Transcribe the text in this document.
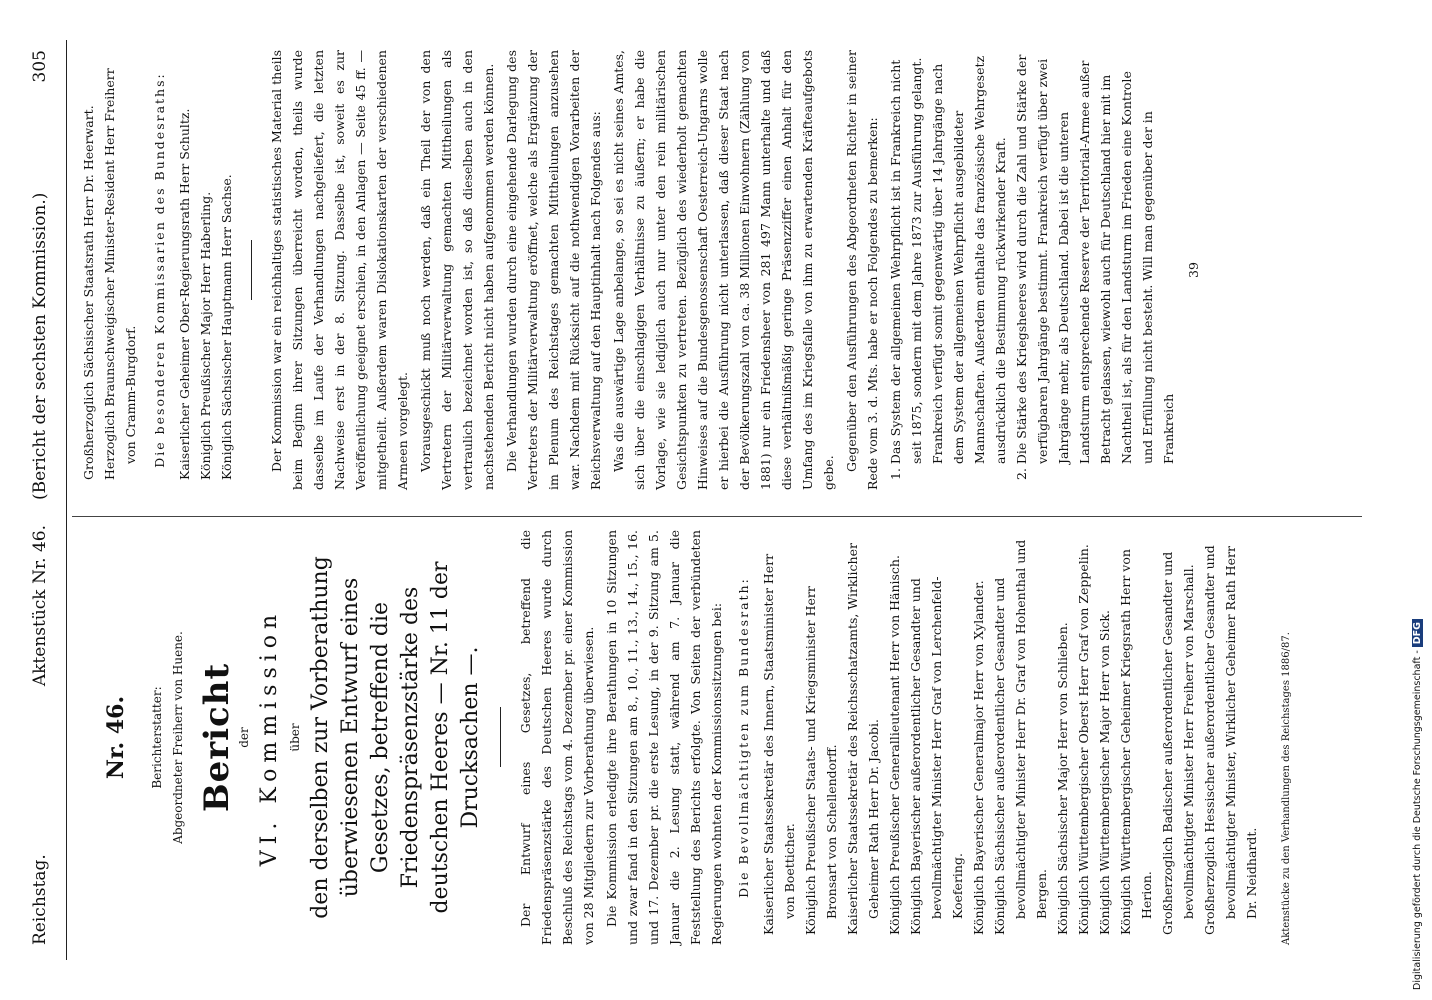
Reichstag.
Aktenstück Nr. 46.
(Bericht der sechsten Kommission.)
305
Nr. 46. Berichterstatter: Abgeordneter Freiherr von Huene. Bericht der VI. Kommission über den derselben zur Vorberathung überwiesenen Entwurf eines Gesetzes, betreffend die Friedenspräsenzstärke des deutschen Heeres — Nr. 11 der Drucksachen —.	Der Entwurf eines Gesetzes, betreffend die Friedenspräsenzstärke des Deutschen Heeres wurde durch Beschluß des Reichstags vom 4. Dezember pr. einer Kommission von 28 Mitgliedern zur Vorberathung überwiesen. Die Kommission erledigte ihre Berathungen in 10 Sitzungen und zwar fand in den Sitzungen am 8., 10., 11., 13., 14., 15., 16. und 17. Dezember pr. die erste Lesung, in der 9. Sitzung am 5. Januar die 2. Lesung statt, während am 7. Januar die Feststellung des Berichts erfolgte. Von Seiten der verbündeten Regierungen wohnten der Kommissionssitzungen bei: Die Bevollmächtigten zum Bundesrath: Kaiserlicher Staatssekretär des Innern, Staatsminister Herr von Boetticher. Königlich Preußischer Staats- und Kriegsminister Herr Bronsart von Schellendorff. Kaiserlicher Staatssekretär des Reichsschatzamts, Wirklicher Geheimer Rath Herr Dr. Jacobi. Königlich Preußischer Generallieutenant Herr von Hänisch. Königlich Bayerischer außerordentlicher Gesandter und bevollmächtigter Minister Herr Graf von Lerchenfeld-Koefering. Königlich Bayerischer Generalmajor Herr von Xylander. Königlich Sächsischer außerordentlicher Gesandter und bevollmächtigter Minister Herr Dr. Graf von Hohenthal und Bergen. Königlich Sächsischer Major Herr von Schlieben. Königlich Württembergischer Oberst Herr Graf von Zeppelin. Königlich Württembergischer Major Herr von Sick. Königlich Württembergischer Geheimer Kriegsrath Herr von Herion. Großherzoglich Badischer außerordentlicher Gesandter und bevollmächtigter Minister Herr Freiherr von Marschall. Großherzoglich Hessischer außerordentlicher Gesandter und bevollmächtigter Minister, Wirklicher Geheimer Rath Herr Dr. Neidhardt.	Aktenstücke zu den Verhandlungen des Reichstages 1886/87.
Großherzoglich Sächsischer Staatsrath Herr Dr. Heerwart. Herzoglich Braunschweigischer Minister-Resident Herr Freiherr von Cramm-Burgdorf. Die besonderen Kommissarien des Bundesraths: Kaiserlicher Geheimer Ober-Regierungsrath Herr Schultz. Königlich Preußischer Major Herr Haberling. Königlich Sächsischer Hauptmann Herr Sachse.	Der Kommission war ein reichhaltiges statistisches Material theils beim Beginn ihrer Sitzungen überreicht worden, theils wurde dasselbe im Laufe der Verhandlungen nachgeliefert, die letzten Nachweise erst in der 8. Sitzung. Dasselbe ist, soweit es zur Veröffentlichung geeignet erschien, in den Anlagen — Seite 45 ff. — mitgetheilt. Außerdem waren Dislokationskarten der verschiedenen Armeen vorgelegt. Vorausgeschickt muß noch werden, daß ein Theil der von den Vertretern der Militärverwaltung gemachten Mittheilungen als vertraulich bezeichnet worden ist, so daß dieselben auch in den nachstehenden Bericht nicht haben aufgenommen werden können. Die Verhandlungen wurden durch eine eingehende Darlegung des Vertreters der Militärverwaltung eröffnet, welche als Ergänzung der im Plenum des Reichstages gemachten Mittheilungen anzusehen war. Nachdem mit Rücksicht auf die nothwendigen Vorarbeiten der Reichsverwaltung auf den Hauptinhalt nach Folgendes aus: Was die auswärtige Lage anbelange, so sei es nicht seines Amtes, sich über die einschlagigen Verhältnisse zu äußern; er habe die Vorlage, wie sie lediglich auch nur unter den rein militärischen Gesichtspunkten zu vertreten. Bezüglich des wiederholt gemachten Hinweises auf die Bundesgenossenschaft Oesterreich-Ungarns wolle er hierbei die Ausführung nicht unterlassen, daß dieser Staat nach der Bevölkerungszahl von ca. 38 Millionen Einwohnern (Zählung von 1881) nur ein Friedensheer von 281 497 Mann unterhalte und daß diese verhältnißmäßig geringe Präsenzziffer einen Anhalt für den Umfang des im Kriegsfalle von ihm zu erwartenden Kräfteaufgebots gebe.

Gegenüber den Ausführungen des Abgeordneten Richter in seiner Rede vom 3. d. Mts. habe er noch Folgendes zu bemerken: 1. Das System der allgemeinen Wehrpflicht ist in Frankreich nicht seit 1875, sondern mit dem Jahre 1873 zur Ausführung gelangt. Frankreich verfügt somit gegenwärtig über 14 Jahrgänge nach dem System der allgemeinen Wehrpflicht ausgebildeter Mannschaften. Außerdem enthalte das französische Wehrgesetz ausdrücklich die Bestimmung rückwirkender Kraft. 2. Die Stärke des Kriegsheeres wird durch die Zahl und Stärke der verfügbaren Jahrgänge bestimmt. Frankreich verfügt über zwei Jahrgänge mehr, als Deutschland. Dabei ist die unteren Landsturm entsprechende Reserve der Territorial-Armee außer Betracht gelassen, wiewohl auch für Deutschland hier mit im Nachtheil ist, als für den Landsturm im Frieden eine Kontrole und Erfüllung nicht besteht. Will man gegenüber der in Frankreich
39
Digitalisierung gefördert durch die Deutsche Forschungsgemeinschaft - DFG
